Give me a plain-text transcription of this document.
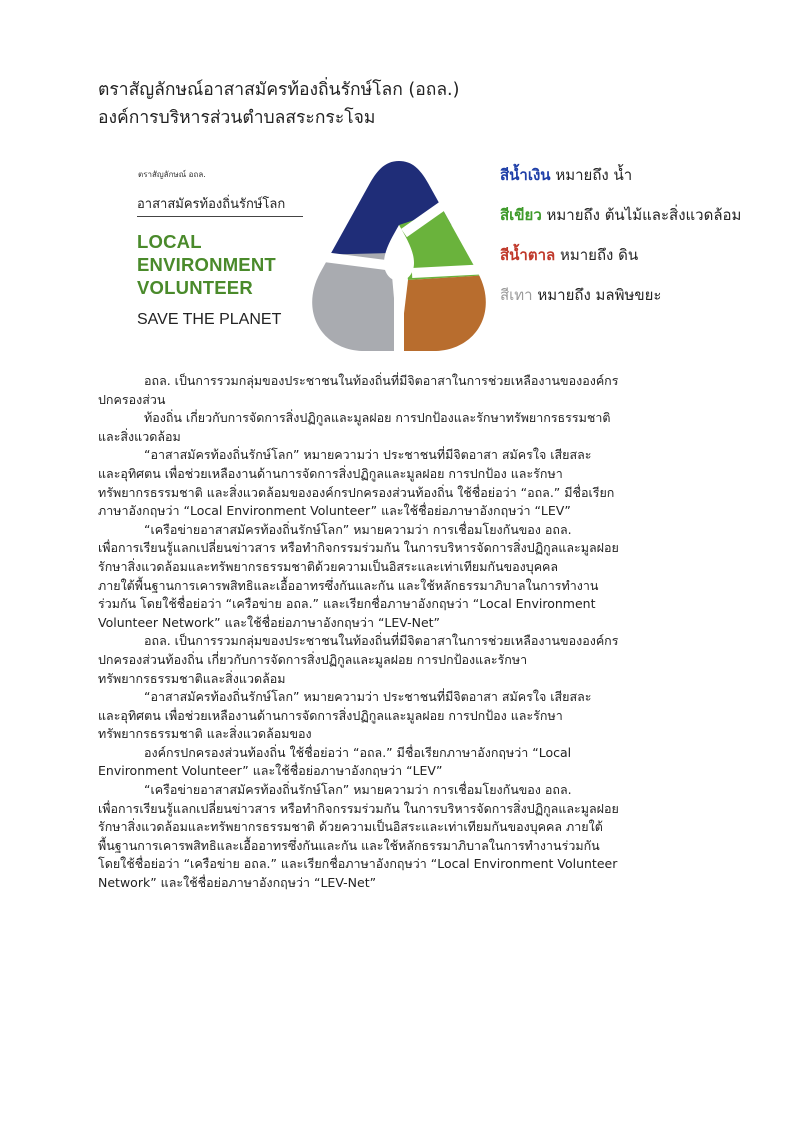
ตราสัญลักษณ์อาสาสมัครท้องถิ่นรักษ์โลก (อถล.)
องค์การบริหารส่วนตำบลสระกระโจม
ตราสัญลักษณ์ อถล.
อาสาสมัครท้องถิ่นรักษ์โลก
LOCAL
ENVIRONMENT
VOLUNTEER
SAVE THE PLANET
สีน้ำเงิน หมายถึง น้ำ
สีเขียว หมายถึง ต้นไม้และสิ่งแวดล้อม
สีน้ำตาล หมายถึง ดิน
สีเทา หมายถึง มลพิษขยะ

อถล. เป็นการรวมกลุ่มของประชาชนในท้องถิ่นที่มีจิตอาสาในการช่วยเหลืองานขององค์กร

ปกครองส่วน

ท้องถิ่น เกี่ยวกับการจัดการสิ่งปฏิกูลและมูลฝอย การปกป้องและรักษาทรัพยากรธรรมชาติ

และสิ่งแวดล้อม

“อาสาสมัครท้องถิ่นรักษ์โลก” หมายความว่า ประชาชนที่มีจิตอาสา สมัครใจ เสียสละ

และอุทิศตน เพื่อช่วยเหลืองานด้านการจัดการสิ่งปฏิกูลและมูลฝอย การปกป้อง และรักษา

ทรัพยากรธรรมชาติ และสิ่งแวดล้อมขององค์กรปกครองส่วนท้องถิ่น ใช้ชื่อย่อว่า “อถล.” มีชื่อเรียก

ภาษาอังกฤษว่า “Local Environment Volunteer” และใช้ชื่อย่อภาษาอังกฤษว่า “LEV”

“เครือข่ายอาสาสมัครท้องถิ่นรักษ์โลก” หมายความว่า การเชื่อมโยงกันของ อถล.

เพื่อการเรียนรู้แลกเปลี่ยนข่าวสาร หรือทำกิจกรรมร่วมกัน ในการบริหารจัดการสิ่งปฏิกูลและมูลฝอย

รักษาสิ่งแวดล้อมและทรัพยากรธรรมชาติด้วยความเป็นอิสระและเท่าเทียมกันของบุคคล

ภายใต้พื้นฐานการเคารพสิทธิและเอื้ออาทรซึ่งกันและกัน และใช้หลักธรรมาภิบาลในการทำงาน

ร่วมกัน โดยใช้ชื่อย่อว่า “เครือข่าย อถล.” และเรียกชื่อภาษาอังกฤษว่า “Local Environment

Volunteer Network” และใช้ชื่อย่อภาษาอังกฤษว่า “LEV-Net”

อถล. เป็นการรวมกลุ่มของประชาชนในท้องถิ่นที่มีจิตอาสาในการช่วยเหลืองานขององค์กร

ปกครองส่วนท้องถิ่น เกี่ยวกับการจัดการสิ่งปฏิกูลและมูลฝอย การปกป้องและรักษา

ทรัพยากรธรรมชาติและสิ่งแวดล้อม

“อาสาสมัครท้องถิ่นรักษ์โลก” หมายความว่า ประชาชนที่มีจิตอาสา สมัครใจ เสียสละ

และอุทิศตน เพื่อช่วยเหลืองานด้านการจัดการสิ่งปฏิกูลและมูลฝอย การปกป้อง และรักษา

ทรัพยากรธรรมชาติ และสิ่งแวดล้อมของ

องค์กรปกครองส่วนท้องถิ่น ใช้ชื่อย่อว่า “อถล.” มีชื่อเรียกภาษาอังกฤษว่า “Local

Environment Volunteer” และใช้ชื่อย่อภาษาอังกฤษว่า “LEV”

“เครือข่ายอาสาสมัครท้องถิ่นรักษ์โลก” หมายความว่า การเชื่อมโยงกันของ อถล.

เพื่อการเรียนรู้แลกเปลี่ยนข่าวสาร หรือทำกิจกรรมร่วมกัน ในการบริหารจัดการสิ่งปฏิกูลและมูลฝอย

รักษาสิ่งแวดล้อมและทรัพยากรธรรมชาติ ด้วยความเป็นอิสระและเท่าเทียมกันของบุคคล ภายใต้

พื้นฐานการเคารพสิทธิและเอื้ออาทรซึ่งกันและกัน และใช้หลักธรรมาภิบาลในการทำงานร่วมกัน

โดยใช้ชื่อย่อว่า “เครือข่าย อถล.” และเรียกชื่อภาษาอังกฤษว่า “Local Environment Volunteer

Network” และใช้ชื่อย่อภาษาอังกฤษว่า “LEV-Net”
